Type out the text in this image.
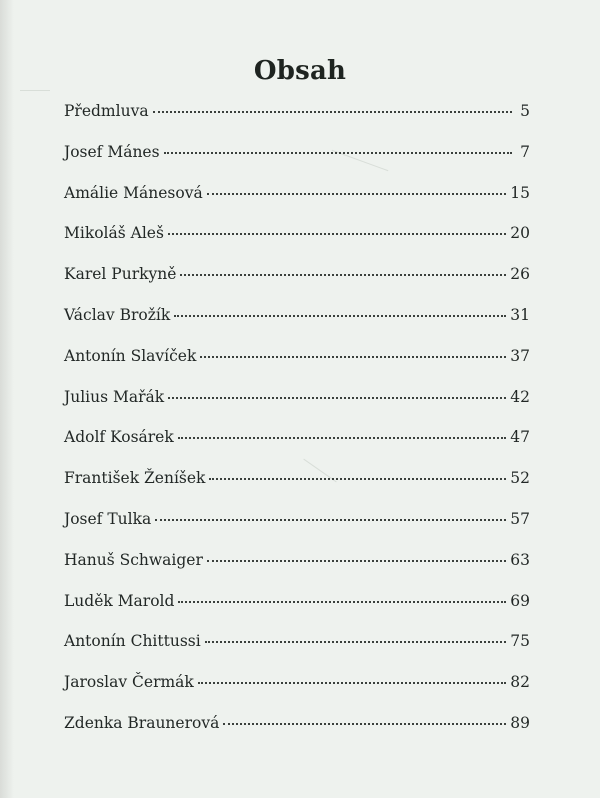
Obsah
Předmluva	5
Josef Mánes	7
Amálie Mánesová	15
Mikoláš Aleš	20
Karel Purkyně	26
Václav Brožík	31
Antonín Slavíček	37
Julius Mařák	42
Adolf Kosárek	47
František Ženíšek	52
Josef Tulka	57
Hanuš Schwaiger	63
Luděk Marold	69
Antonín Chittussi	75
Jaroslav Čermák	82
Zdenka Braunerová	89
